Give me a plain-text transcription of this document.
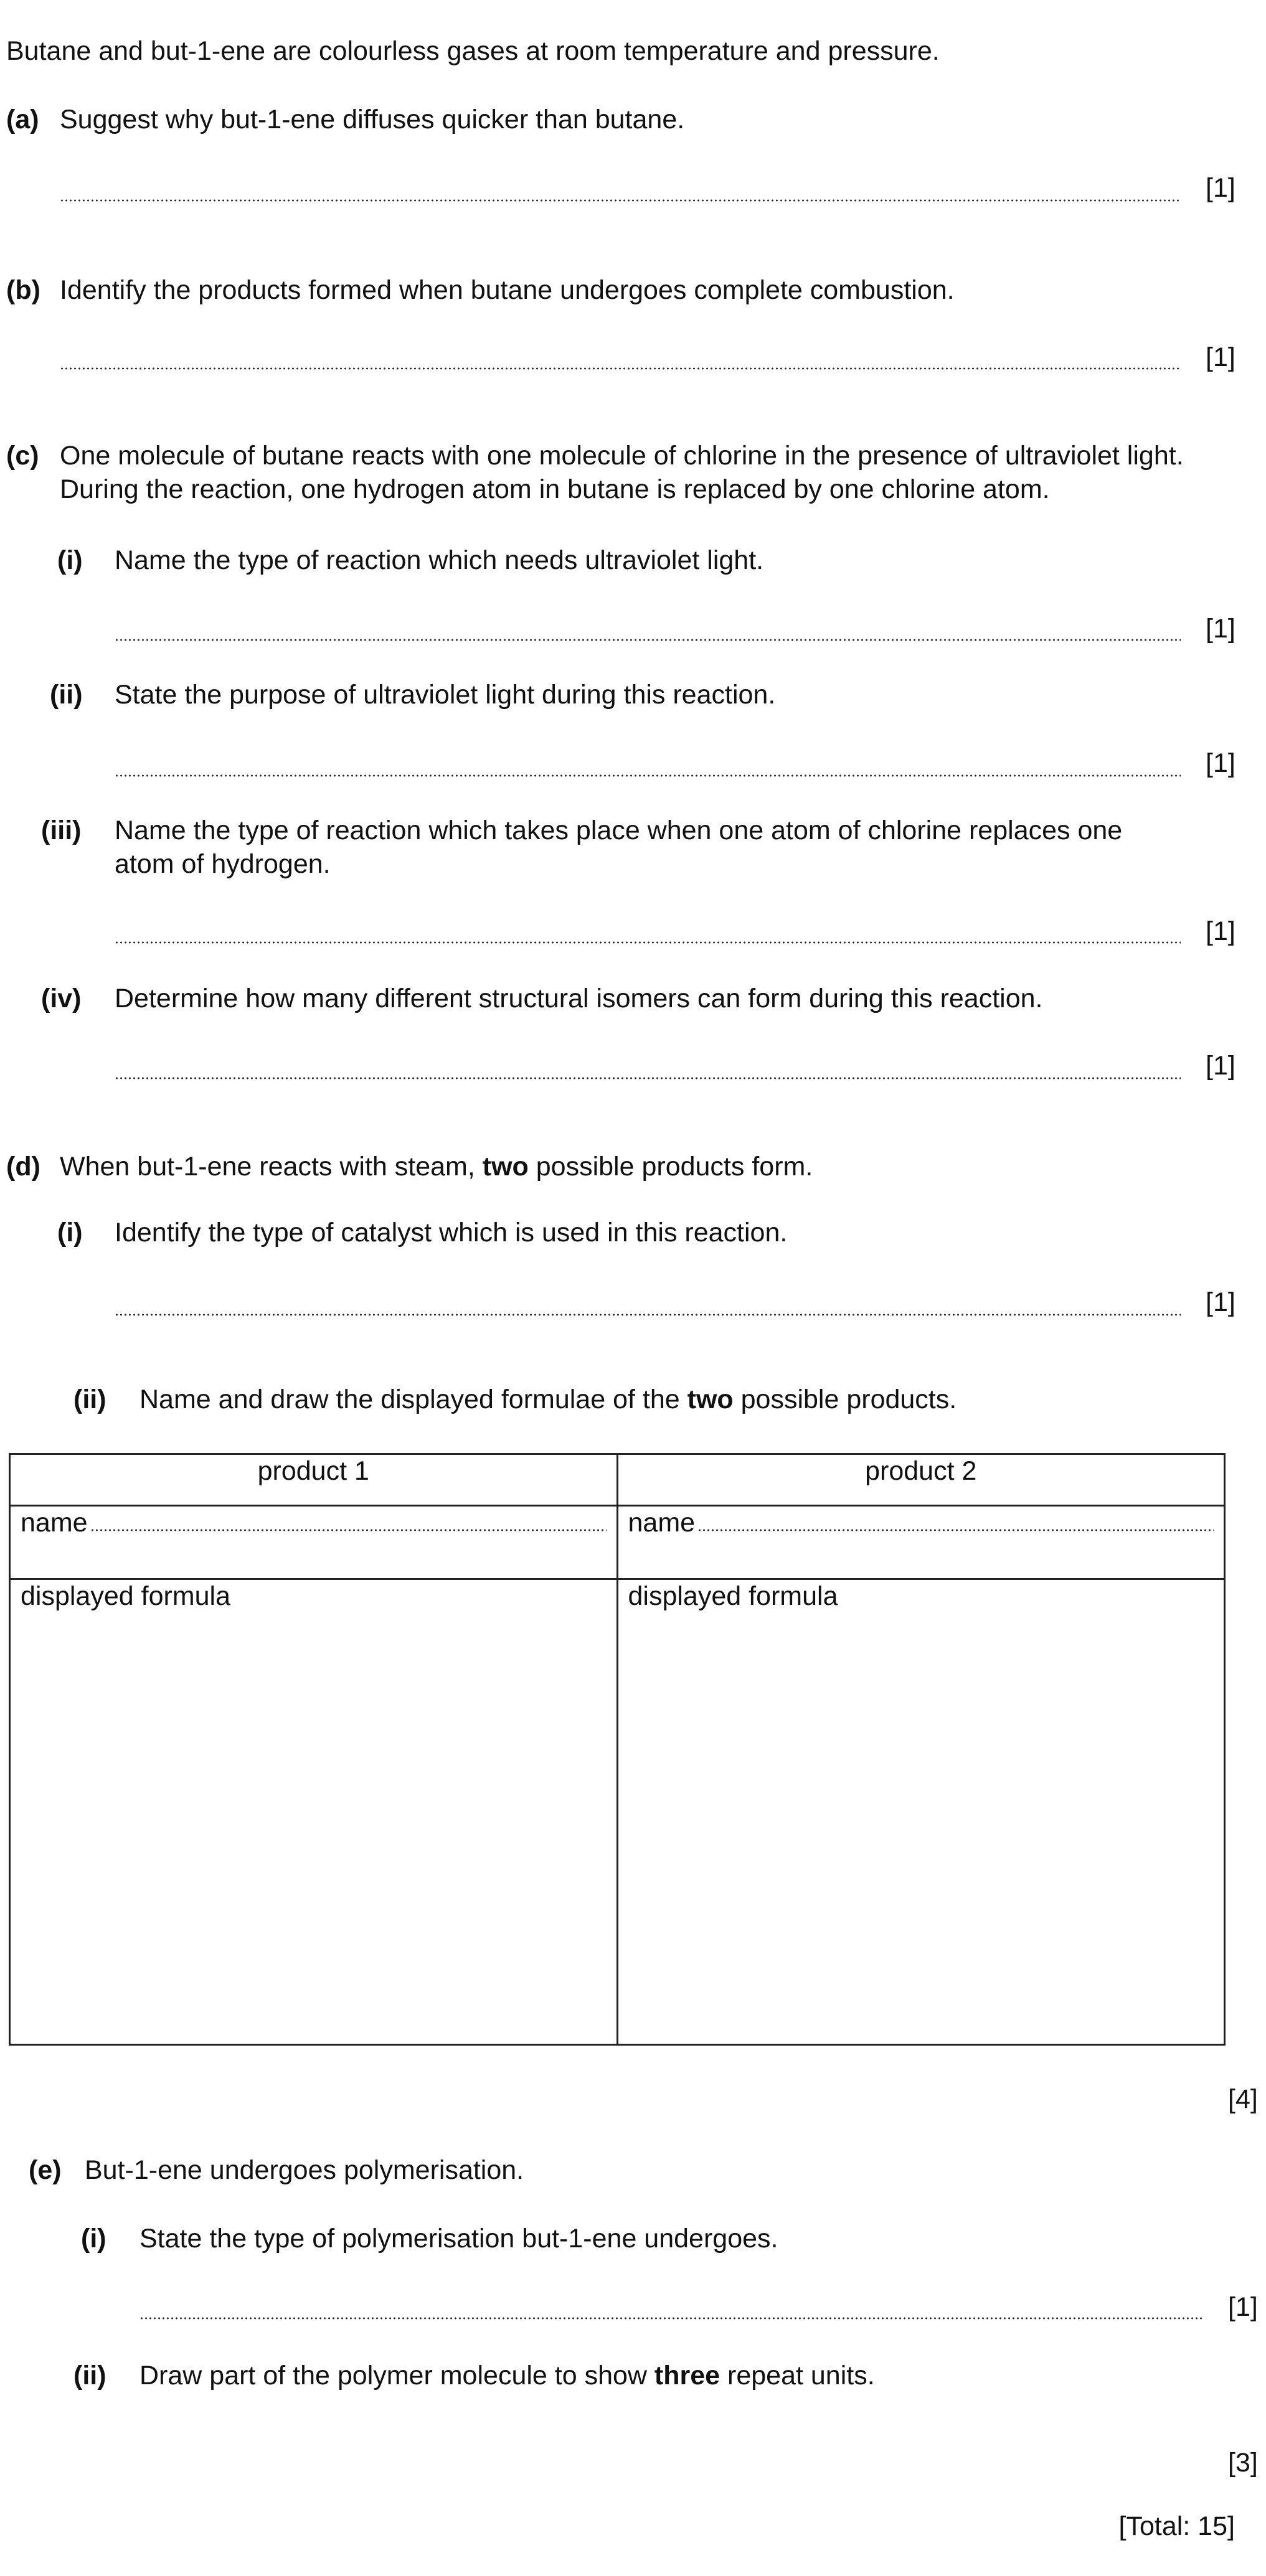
Butane and but-1-ene are colourless gases at room temperature and pressure.
(a) Suggest why but-1-ene diffuses quicker than butane.
[1]
(b) Identify the products formed when butane undergoes complete combustion.
[1]
(c) One molecule of butane reacts with one molecule of chlorine in the presence of ultraviolet light.
During the reaction, one hydrogen atom in butane is replaced by one chlorine atom.
(i) Name the type of reaction which needs ultraviolet light.
[1]
(ii) State the purpose of ultraviolet light during this reaction.
[1]
(iii) Name the type of reaction which takes place when one atom of chlorine replaces one
atom of hydrogen.
[1]
(iv) Determine how many different structural isomers can form during this reaction.
[1]
(d) When but-1-ene reacts with steam, two possible products form.
(i) Identify the type of catalyst which is used in this reaction.
[1]
(ii) Name and draw the displayed formulae of the two possible products.
product 1	product 2

name	name

displayed formula	displayed formula
[4]
(e) But-1-ene undergoes polymerisation.
(i) State the type of polymerisation but-1-ene undergoes.
[1]
(ii) Draw part of the polymer molecule to show three repeat units.
[3]
[Total: 15]
